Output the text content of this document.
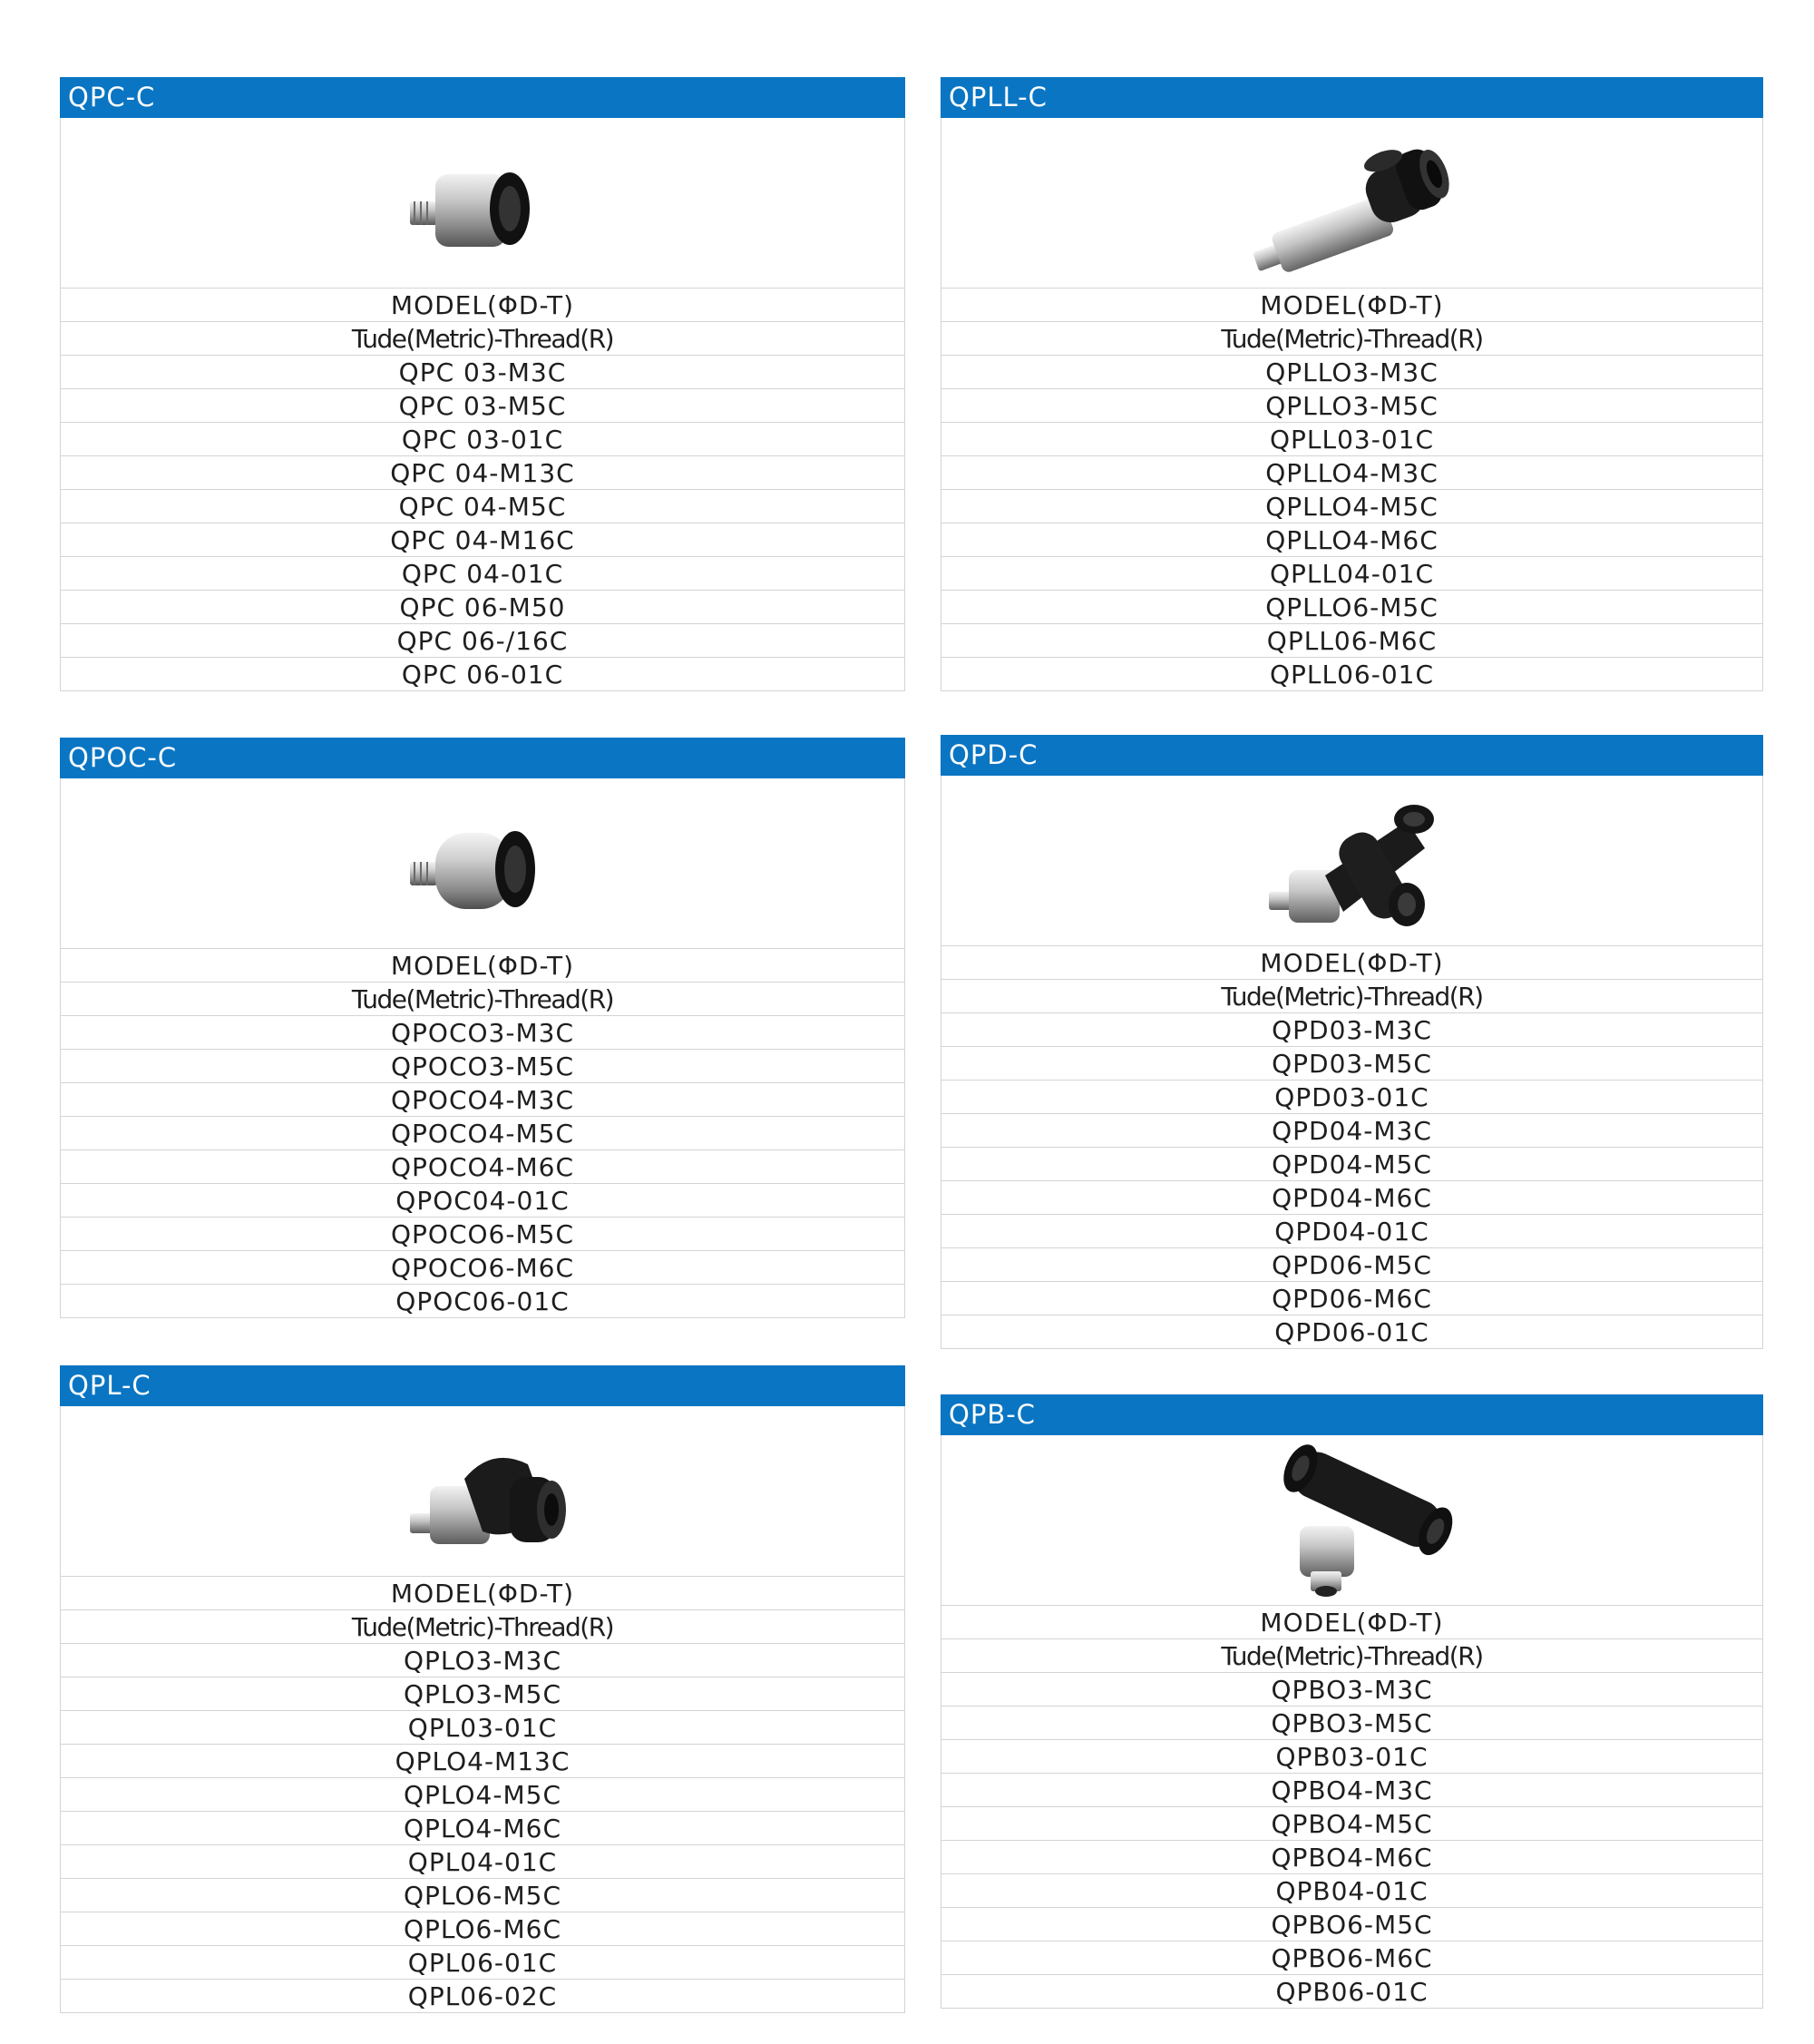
QPC-C
MODEL(ΦD-T)
Tude(Metric)-Thread(R)
QPC 03-M3C
QPC 03-M5C
QPC 03-01C
QPC 04-M13C
QPC 04-M5C
QPC 04-M16C
QPC 04-01C
QPC 06-M50
QPC 06-/16C
QPC 06-01C
QPLL-C
MODEL(ΦD-T)
Tude(Metric)-Thread(R)
QPLLO3-M3C
QPLLO3-M5C
QPLL03-01C
QPLLO4-M3C
QPLLO4-M5C
QPLLO4-M6C
QPLL04-01C
QPLLO6-M5C
QPLL06-M6C
QPLL06-01C
QPOC-C
MODEL(ΦD-T)
Tude(Metric)-Thread(R)
QPOCO3-M3C
QPOCO3-M5C
QPOCO4-M3C
QPOCO4-M5C
QPOCO4-M6C
QPOC04-01C
QPOCO6-M5C
QPOCO6-M6C
QPOC06-01C
QPD-C
MODEL(ΦD-T)
Tude(Metric)-Thread(R)
QPD03-M3C
QPD03-M5C
QPD03-01C
QPD04-M3C
QPD04-M5C
QPD04-M6C
QPD04-01C
QPD06-M5C
QPD06-M6C
QPD06-01C
QPL-C
MODEL(ΦD-T)
Tude(Metric)-Thread(R)
QPLO3-M3C
QPLO3-M5C
QPL03-01C
QPLO4-M13C
QPLO4-M5C
QPLO4-M6C
QPL04-01C
QPLO6-M5C
QPLO6-M6C
QPL06-01C
QPL06-02C
QPB-C
MODEL(ΦD-T)
Tude(Metric)-Thread(R)
QPBO3-M3C
QPBO3-M5C
QPB03-01C
QPBO4-M3C
QPBO4-M5C
QPBO4-M6C
QPB04-01C
QPBO6-M5C
QPBO6-M6C
QPB06-01C
